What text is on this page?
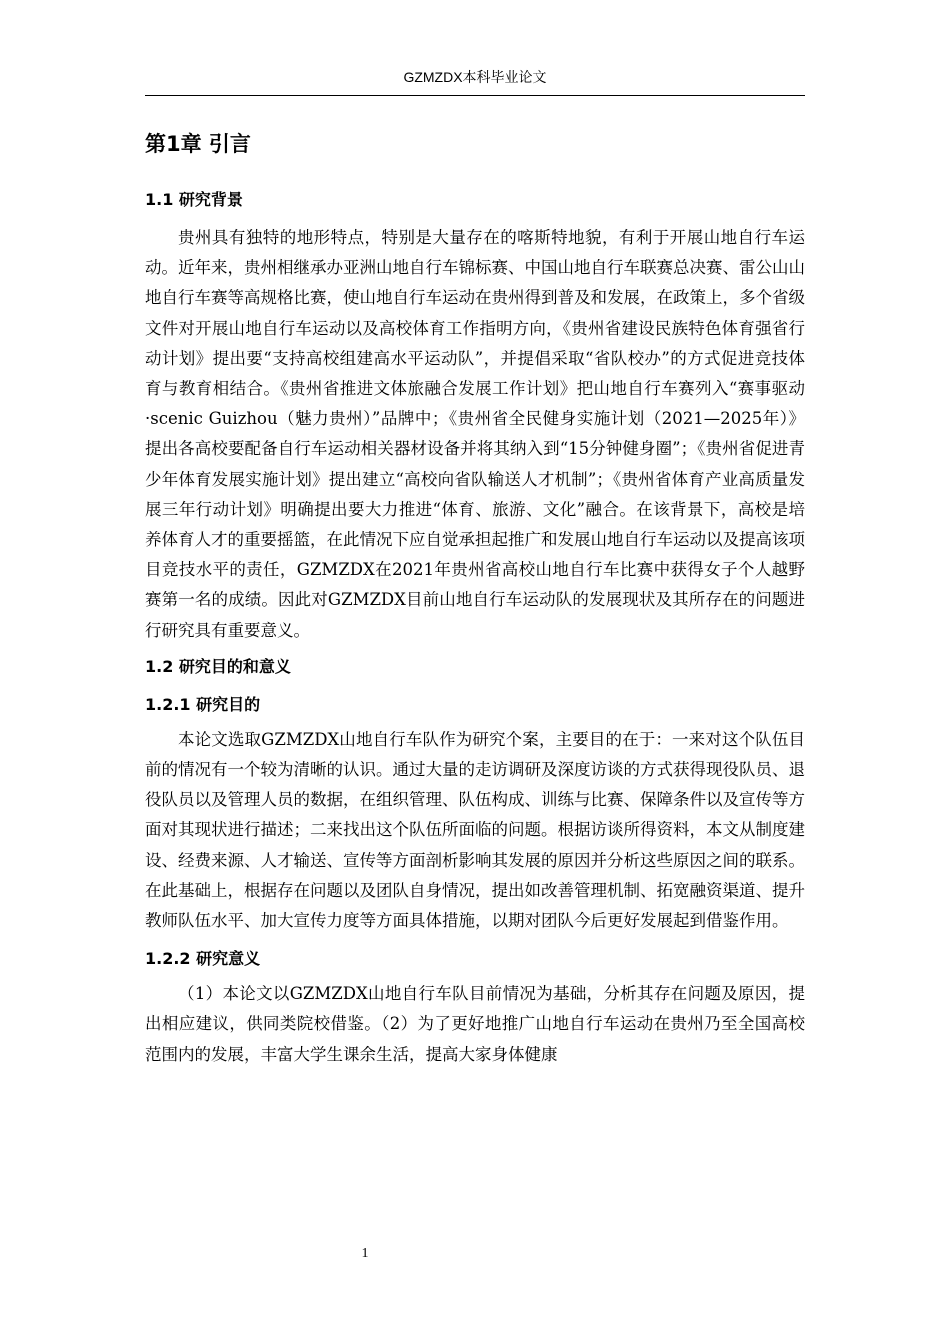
GZMZDX本科毕业论文
第1章 引言
1.1 研究背景

贵州具有独特的地形特点，特别是大量存在的喀斯特地貌，有利于开展山地自行车运动。近年来，贵州相继承办亚洲山地自行车锦标赛、中国山地自行车联赛总决赛、雷公山山地自行车赛等高规格比赛，使山地自行车运动在贵州得到普及和发展，在政策上，多个省级文件对开展山地自行车运动以及高校体育工作指明方向，《贵州省建设民族特色体育强省行动计划》提出要“支持高校组建高水平运动队”，并提倡采取“省队校办”的方式促进竞技体育与教育相结合。《贵州省推进文体旅融合发展工作计划》把山地自行车赛列入“赛事驱动·scenic Guizhou（魅力贵州）”品牌中；《贵州省全民健身实施计划（2021—2025年）》提出各高校要配备自行车运动相关器材设备并将其纳入到“15分钟健身圈”；《贵州省促进青少年体育发展实施计划》提出建立“高校向省队输送人才机制”；《贵州省体育产业高质量发展三年行动计划》明确提出要大力推进“体育、旅游、文化”融合。在该背景下，高校是培养体育人才的重要摇篮，在此情况下应自觉承担起推广和发展山地自行车运动以及提高该项目竞技水平的责任，GZMZDX在2021年贵州省高校山地自行车比赛中获得女子个人越野赛第一名的成绩。因此对GZMZDX目前山地自行车运动队的发展现状及其所存在的问题进行研究具有重要意义。

1.2 研究目的和意义
1.2.1 研究目的

本论文选取GZMZDX山地自行车队作为研究个案，主要目的在于：一来对这个队伍目前的情况有一个较为清晰的认识。通过大量的走访调研及深度访谈的方式获得现役队员、退役队员以及管理人员的数据，在组织管理、队伍构成、训练与比赛、保障条件以及宣传等方面对其现状进行描述；二来找出这个队伍所面临的问题。根据访谈所得资料，本文从制度建设、经费来源、人才输送、宣传等方面剖析影响其发展的原因并分析这些原因之间的联系。在此基础上，根据存在问题以及团队自身情况，提出如改善管理机制、拓宽融资渠道、提升教师队伍水平、加大宣传力度等方面具体措施，以期对团队今后更好发展起到借鉴作用。

1.2.2 研究意义

（1）本论文以GZMZDX山地自行车队目前情况为基础，分析其存在问题及原因，提出相应建议，供同类院校借鉴。（2）为了更好地推广山地自行车运动在贵州乃至全国高校范围内的发展，丰富大学生课余生活，提高大家身体健康

1
